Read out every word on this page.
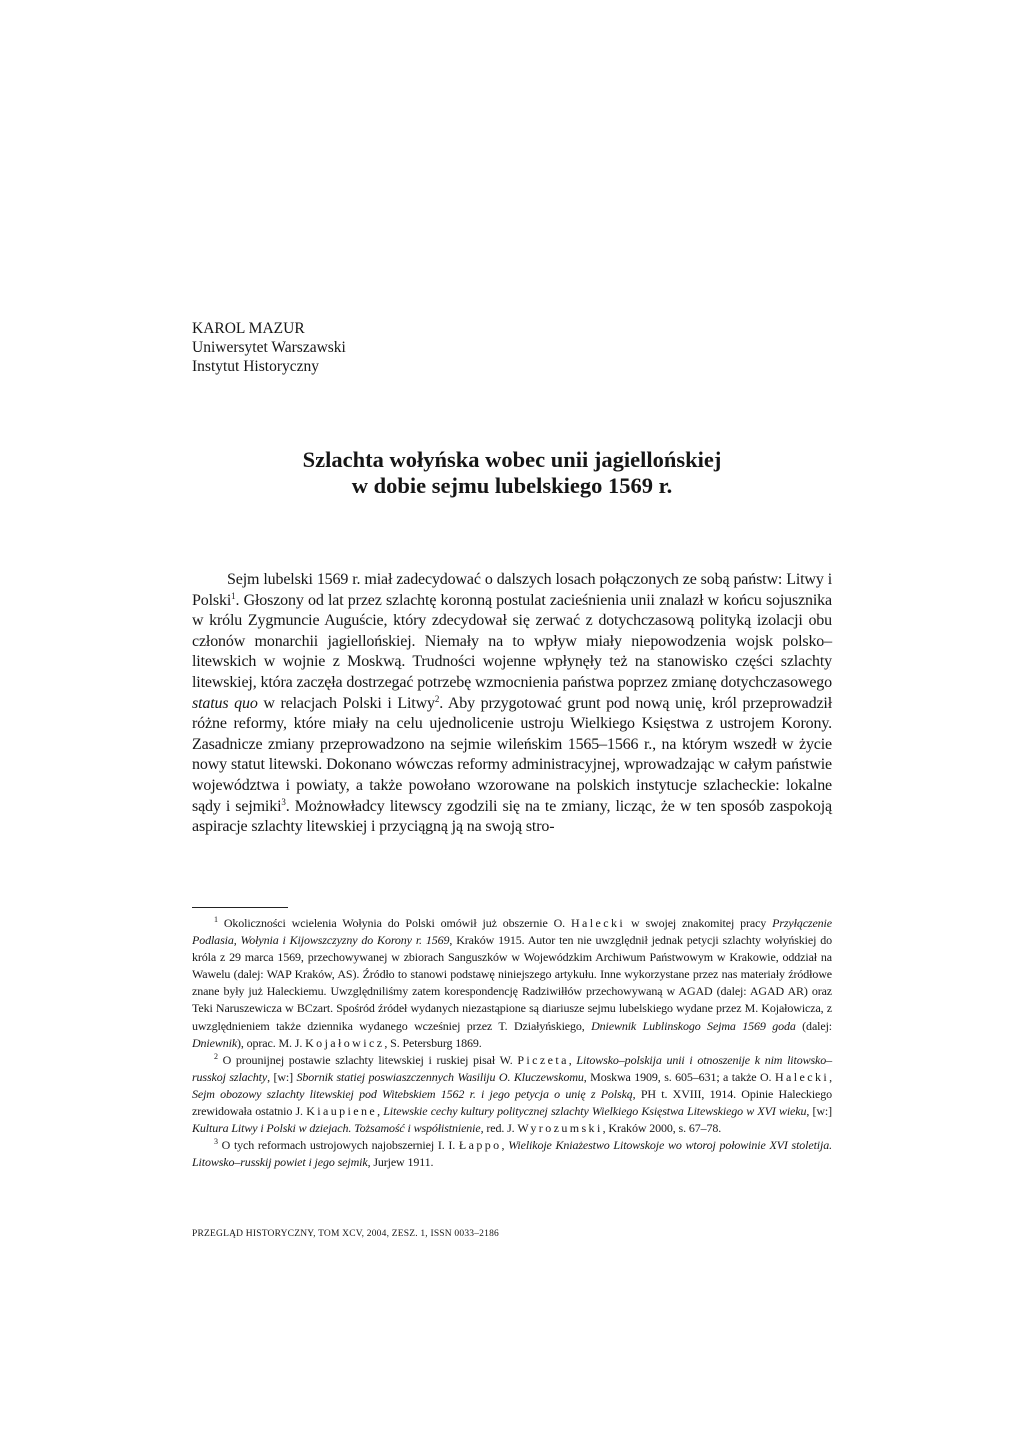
KAROL MAZUR
Uniwersytet Warszawski
Instytut Historyczny
Szlachta wołyńska wobec unii jagiellońskiej
w dobie sejmu lubelskiego 1569 r.

Sejm lubelski 1569 r. miał zadecydować o dalszych losach połączonych ze sobą państw: Litwy i Polski$^1$. Głoszony od lat przez szlachtę koronną postulat zacieśnienia unii znalazł w końcu sojusznika w królu Zygmuncie Auguście, który zdecydował się zerwać z dotychczasową polityką izolacji obu członów monarchii jagiellońskiej. Niemały na to wpływ miały niepowodzenia wojsk polsko–litewskich w wojnie z Moskwą. Trudności wojenne wpłynęły też na stanowisko części szlachty litewskiej, która zaczęła dostrzegać potrzebę wzmocnienia państwa poprzez zmianę dotychczasowego status quo w relacjach Polski i Litwy$^2$. Aby przygotować grunt pod nową unię, król przeprowadził różne reformy, które miały na celu ujednolicenie ustroju Wielkiego Księstwa z ustrojem Korony. Zasadnicze zmiany przeprowadzono na sejmie wileńskim 1565–1566 r., na którym wszedł w życie nowy statut litewski. Dokonano wówczas reformy administracyjnej, wprowadzając w całym państwie województwa i powiaty, a także powołano wzorowane na polskich instytucje szlacheckie: lokalne sądy i sejmiki$^3$. Możnowładcy litewscy zgodzili się na te zmiany, licząc, że w ten sposób zaspokoją aspiracje szlachty litewskiej i przyciągną ją na swoją stro-

$^1$ Okoliczności wcielenia Wołynia do Polski omówił już obszernie O. Halecki w swojej znakomitej pracy Przyłączenie Podlasia, Wołynia i Kijowszczyzny do Korony r. 1569, Kraków 1915. Autor ten nie uwzględnił jednak petycji szlachty wołyńskiej do króla z 29 marca 1569, przechowywanej w zbiorach Sanguszków w Wojewódzkim Archiwum Państwowym w Krakowie, oddział na Wawelu (dalej: WAP Kraków, AS). Źródło to stanowi podstawę niniejszego artykułu. Inne wykorzystane przez nas materiały źródłowe znane były już Haleckiemu. Uwzględniliśmy zatem korespondencję Radziwiłłów przechowywaną w AGAD (dalej: AGAD AR) oraz Teki Naruszewicza w BCzart. Spośród źródeł wydanych niezastąpione są diariusze sejmu lubelskiego wydane przez M. Kojałowicza, z uwzględnieniem także dziennika wydanego wcześniej przez T. Działyńskiego, Dniewnik Lublinskogo Sejma 1569 goda (dalej: Dniewnik), oprac. M. J. Kojałowicz, S. Petersburg 1869.

$^2$ O prounijnej postawie szlachty litewskiej i ruskiej pisał W. Piczeta, Litowsko–polskija unii i otnoszenije k nim litowsko–russkoj szlachty, [w:] Sbornik statiej poswiaszczennych Wasiliju O. Kluczewskomu, Moskwa 1909, s. 605–631; a także O. Halecki, Sejm obozowy szlachty litewskiej pod Witebskiem 1562 r. i jego petycja o unię z Polską, PH t. XVIII, 1914. Opinie Haleckiego zrewidowała ostatnio J. Kiaupiene, Litewskie cechy kultury politycznej szlachty Wielkiego Księstwa Litewskiego w XVI wieku, [w:] Kultura Litwy i Polski w dziejach. Tożsamość i współistnienie, red. J. Wyrozumski, Kraków 2000, s. 67–78.

$^3$ O tych reformach ustrojowych najobszerniej I. I. Łappo, Wielikoje Kniażestwo Litowskoje wo wtoroj połowinie XVI stoletija. Litowsko–russkij powiet i jego sejmik, Jurjew 1911.

PRZEGLĄD HISTORYCZNY, TOM XCV, 2004, ZESZ. 1, ISSN 0033–2186
